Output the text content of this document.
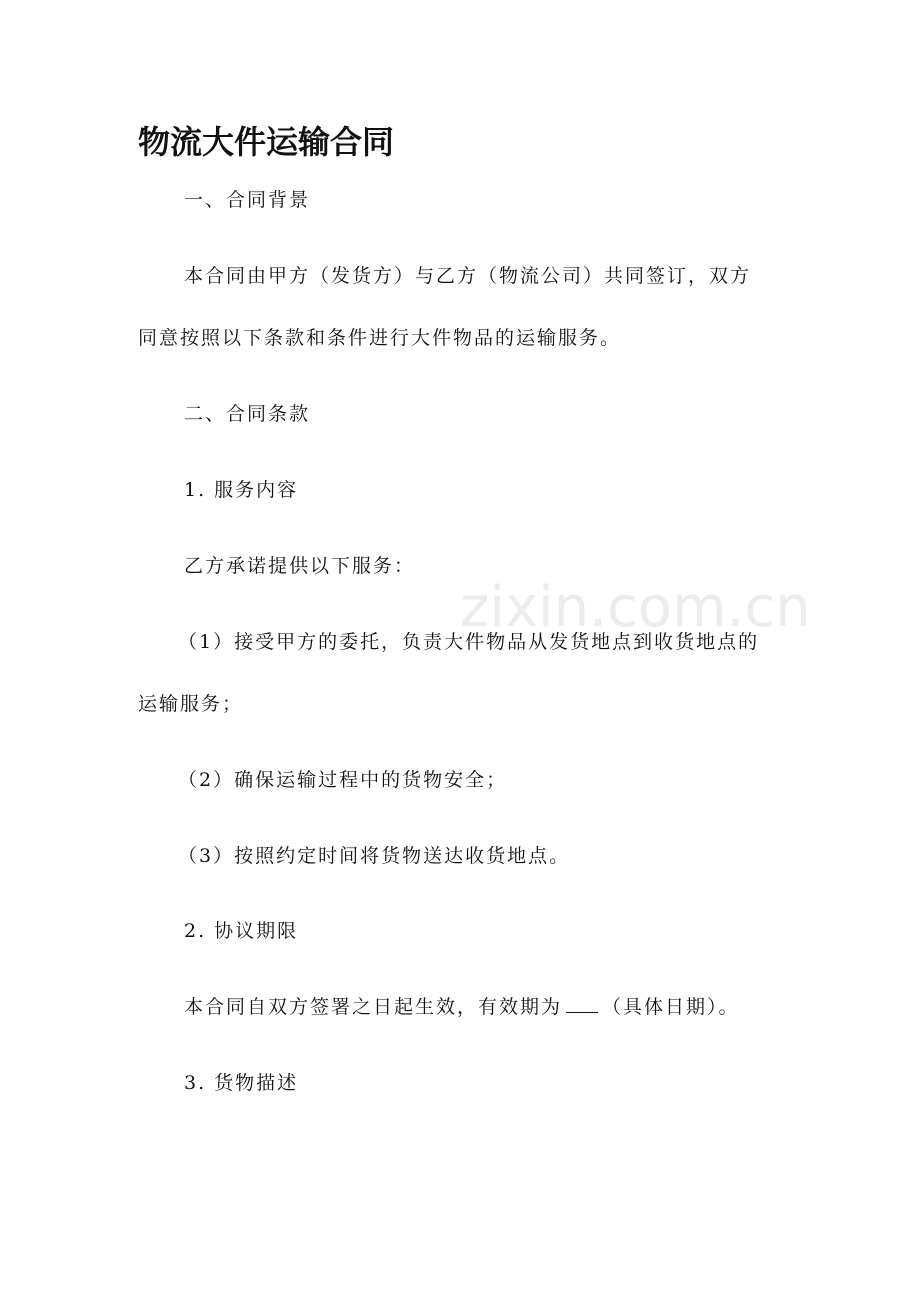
zixin.com.cn
物流大件运输合同

一、合同背景

本合同由甲方（发货方）与乙方（物流公司）共同签订，双方

同意按照以下条款和条件进行大件物品的运输服务。

二、合同条款

1. 服务内容

乙方承诺提供以下服务：

（1）接受甲方的委托，负责大件物品从发货地点到收货地点的

运输服务；

（2）确保运输过程中的货物安全；

（3）按照约定时间将货物送达收货地点。

2. 协议期限

本合同自双方签署之日起生效，有效期为 （具体日期）。

3. 货物描述
